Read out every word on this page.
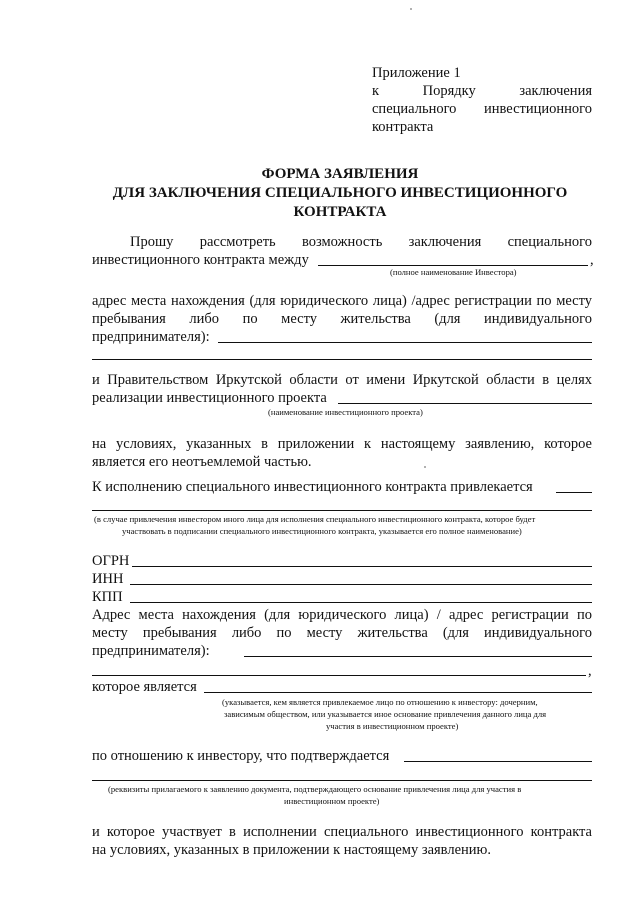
Приложение 1
к Порядку заключения
специального инвестиционного
контракта
ФОРМА ЗАЯВЛЕНИЯ
ДЛЯ ЗАКЛЮЧЕНИЯ СПЕЦИАЛЬНОГО ИНВЕСТИЦИОННОГО
КОНТРАКТА
Прошу рассмотреть возможность заключения специального
инвестиционного контракта между	,
(полное наименование Инвестора)
адрес места нахождения (для юридического лица) /адрес регистрации по месту
пребывания либо по месту жительства (для индивидуального
предпринимателя):
и Правительством Иркутской области от имени Иркутской области в целях
реализации инвестиционного проекта
(наименование инвестиционного проекта)
на условиях, указанных в приложении к настоящему заявлению, которое
является его неотъемлемой частью.
К исполнению специального инвестиционного контракта привлекается
(в случае привлечения инвестором иного лица для исполнения специального инвестиционного контракта, которое будет
участвовать в подписании специального инвестиционного контракта, указывается его полное наименование)
ОГРН
ИНН
КПП
Адрес места нахождения (для юридического лица) / адрес регистрации по
месту пребывания либо по месту жительства (для индивидуального
предпринимателя):
,
которое является
(указывается, кем является привлекаемое лицо по отношению к инвестору: дочерним,
зависимым обществом, или указывается иное основание привлечения данного лица для
участия в инвестиционном проекте)
по отношению к инвестору, что подтверждается
(реквизиты прилагаемого к заявлению документа, подтверждающего основание привлечения лица для участия в
инвестиционном проекте)
и которое участвует в исполнении специального инвестиционного контракта
на условиях, указанных в приложении к настоящему заявлению.
